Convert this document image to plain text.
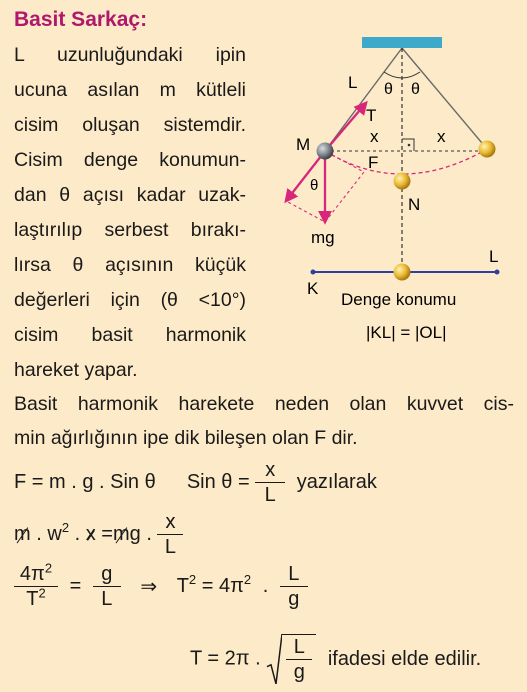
Basit Sarkaç:
L uzunluğundaki ipin
ucuna asılan m kütleli
cisim oluşan sistemdir.
Cisim denge konumun-
dan θ açısı kadar uzak-
laştırılıp serbest bırakı-
lırsa θ açısının küçük
değerleri için (θ <10°)
cisim basit harmonik
hareket yapar.
L θ θ
T
M	x	x
F
θ
N
mg
L
K
Denge konumu
|KL| = |OL|
Basit harmonik harekete neden olan kuvvet cis-
min ağırlığının ipe dik bileşen olan F dir.
F = m . g . Sin θ Sin $\theta = \frac{x}{L}$ yazılarak
m . $w^2$ . x =mg . $\frac{x}{L}$
$\frac{4\pi^2}{T^2} = \frac{g}{L}$ ⇒ $T^2 = 4\pi^2$ . $\frac{L}{g}$
T = 2π . $\frac{L}{g}$ ifadesi elde edilir.
